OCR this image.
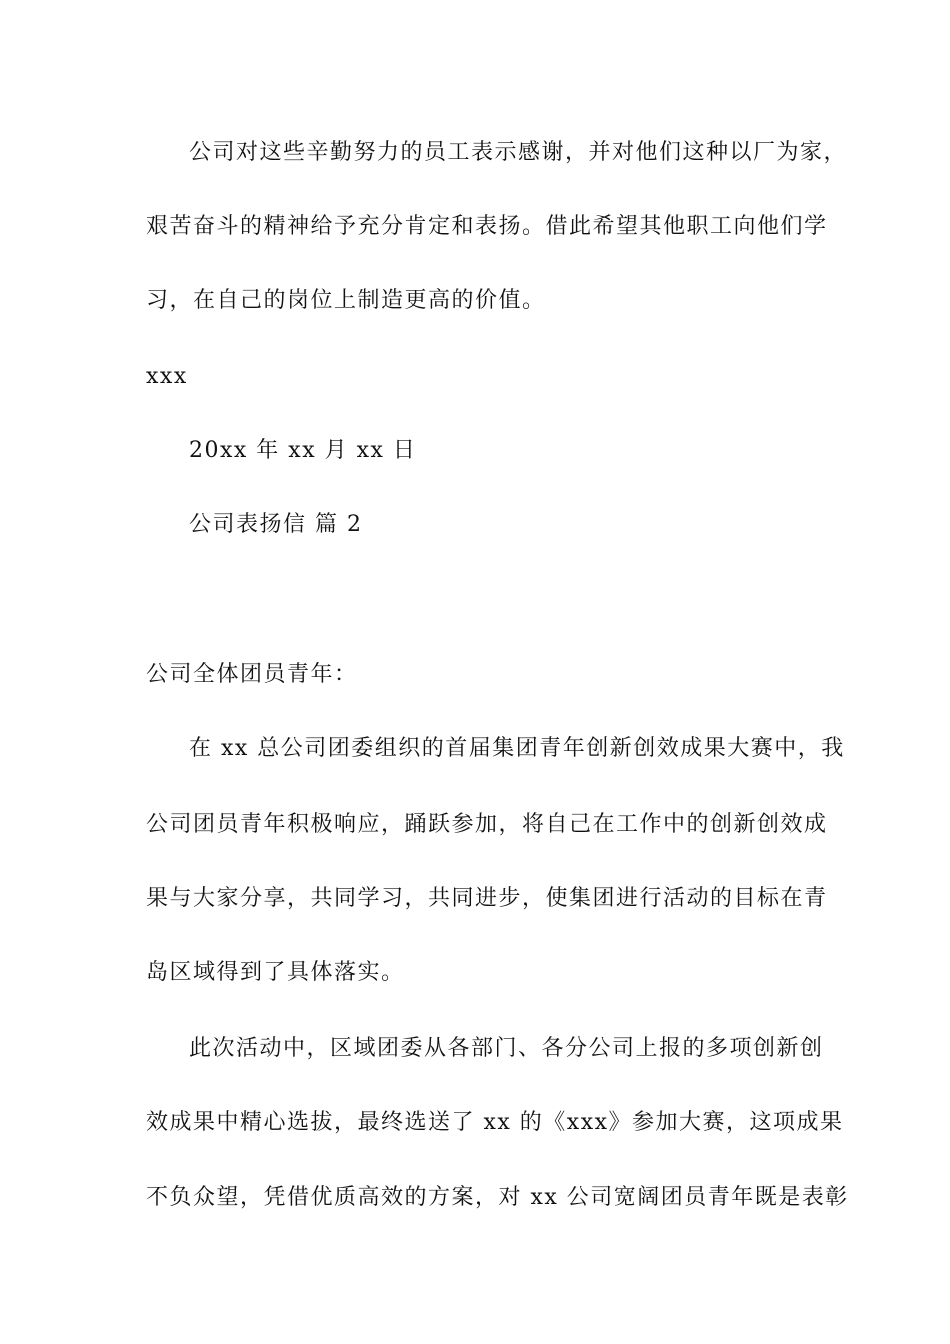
公司对这些辛勤努力的员工表示感谢，并对他们这种以厂为家，
艰苦奋斗的精神给予充分肯定和表扬。借此希望其他职工向他们学
习，在自己的岗位上制造更高的价值。
xxx
20xx 年 xx 月 xx 日
公司表扬信 篇 2
公司全体团员青年：
在 xx 总公司团委组织的首届集团青年创新创效成果大赛中，我
公司团员青年积极响应，踊跃参加，将自己在工作中的创新创效成
果与大家分享，共同学习，共同进步，使集团进行活动的目标在青
岛区域得到了具体落实。
此次活动中，区域团委从各部门、各分公司上报的多项创新创
效成果中精心选拔，最终选送了 xx 的《xxx》参加大赛，这项成果
不负众望，凭借优质高效的方案，对 xx 公司宽阔团员青年既是表彰
